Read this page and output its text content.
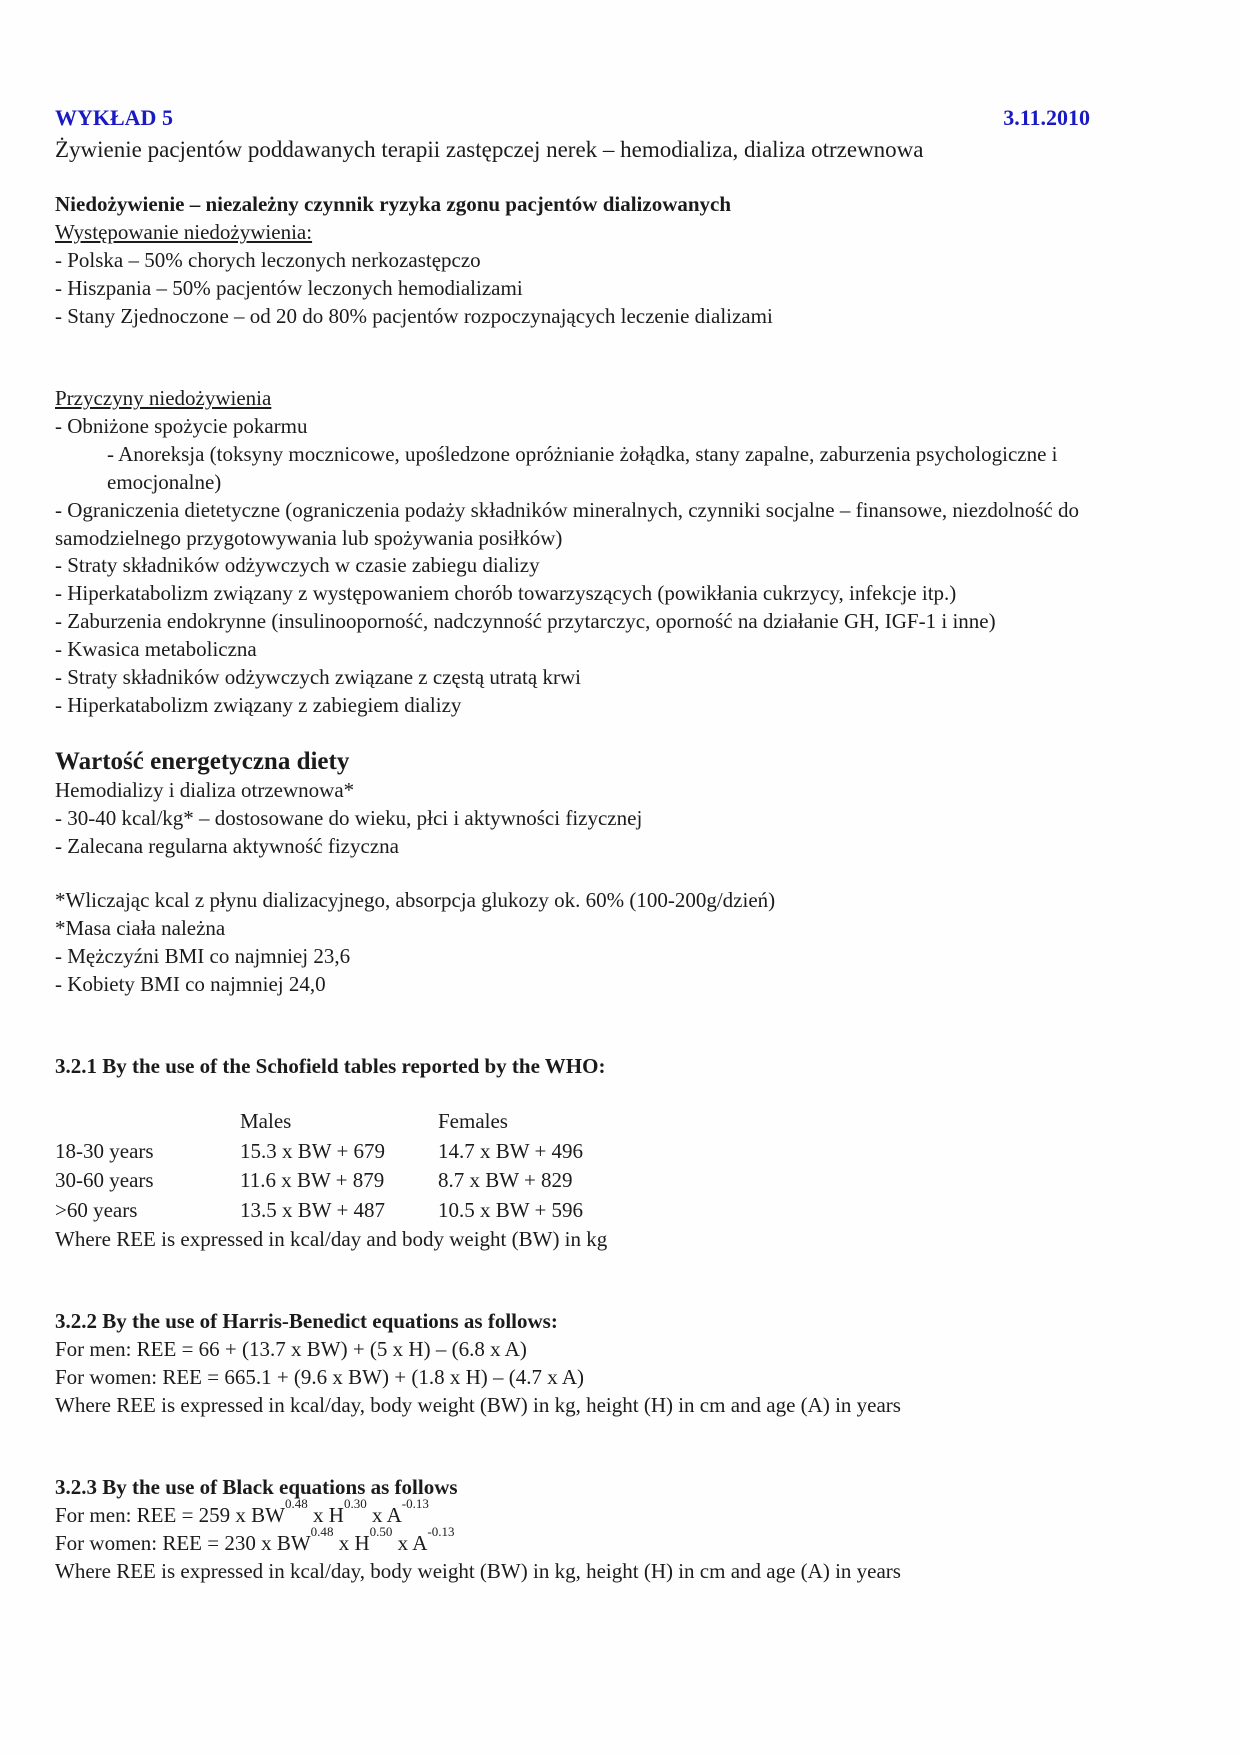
WYKŁAD 5	3.11.2010

Żywienie pacjentów poddawanych terapii zastępczej nerek – hemodializa, dializa otrzewnowa

Niedożywienie – niezależny czynnik ryzyka zgonu pacjentów dializowanych

Występowanie niedożywienia:

- Polska – 50% chorych leczonych nerkozastępczo

- Hiszpania – 50% pacjentów leczonych hemodializami

- Stany Zjednoczone – od 20 do 80% pacjentów rozpoczynających leczenie dializami

Przyczyny niedożywienia

- Obniżone spożycie pokarmu

- Anoreksja (toksyny mocznicowe, upośledzone opróżnianie żołądka, stany zapalne, zaburzenia psychologiczne i emocjonalne)

- Ograniczenia dietetyczne (ograniczenia podaży składników mineralnych, czynniki socjalne – finansowe, niezdolność do samodzielnego przygotowywania lub spożywania posiłków)

- Straty składników odżywczych w czasie zabiegu dializy

- Hiperkatabolizm związany z występowaniem chorób towarzyszących (powikłania cukrzycy, infekcje itp.)

- Zaburzenia endokrynne (insulinooporność, nadczynność przytarczyc, oporność na działanie GH, IGF-1 i inne)

- Kwasica metaboliczna

- Straty składników odżywczych związane z częstą utratą krwi

- Hiperkatabolizm związany z zabiegiem dializy

Wartość energetyczna diety

Hemodializy i dializa otrzewnowa*

- 30-40 kcal/kg* – dostosowane do wieku, płci i aktywności fizycznej

- Zalecana regularna aktywność fizyczna

*Wliczając kcal z płynu dializacyjnego, absorpcja glukozy ok. 60% (100-200g/dzień)

*Masa ciała należna

- Mężczyźni BMI co najmniej 23,6

- Kobiety BMI co najmniej 24,0

3.2.1 By the use of the Schofield tables reported by the WHO:

	Males	Females
18-30 years	15.3 x BW + 679	14.7 x BW + 496
30-60 years	11.6 x BW + 879	8.7 x BW + 829
>60 years	13.5 x BW + 487	10.5 x BW + 596

Where REE is expressed in kcal/day and body weight (BW) in kg

3.2.2 By the use of Harris-Benedict equations as follows:

For men: REE = 66 + (13.7 x BW) + (5 x H) – (6.8 x A)

For women: REE = 665.1 + (9.6 x BW) + (1.8 x H) – (4.7 x A)

Where REE is expressed in kcal/day, body weight (BW) in kg, height (H) in cm and age (A) in years

3.2.3 By the use of Black equations as follows

For men: REE = 259 x $BW^{0.48}$ x $H^{0.30}$ x $A^{-0.13}$

For women: REE = 230 x $BW^{0.48}$ x $H^{0.50}$ x $A^{-0.13}$

Where REE is expressed in kcal/day, body weight (BW) in kg, height (H) in cm and age (A) in years
